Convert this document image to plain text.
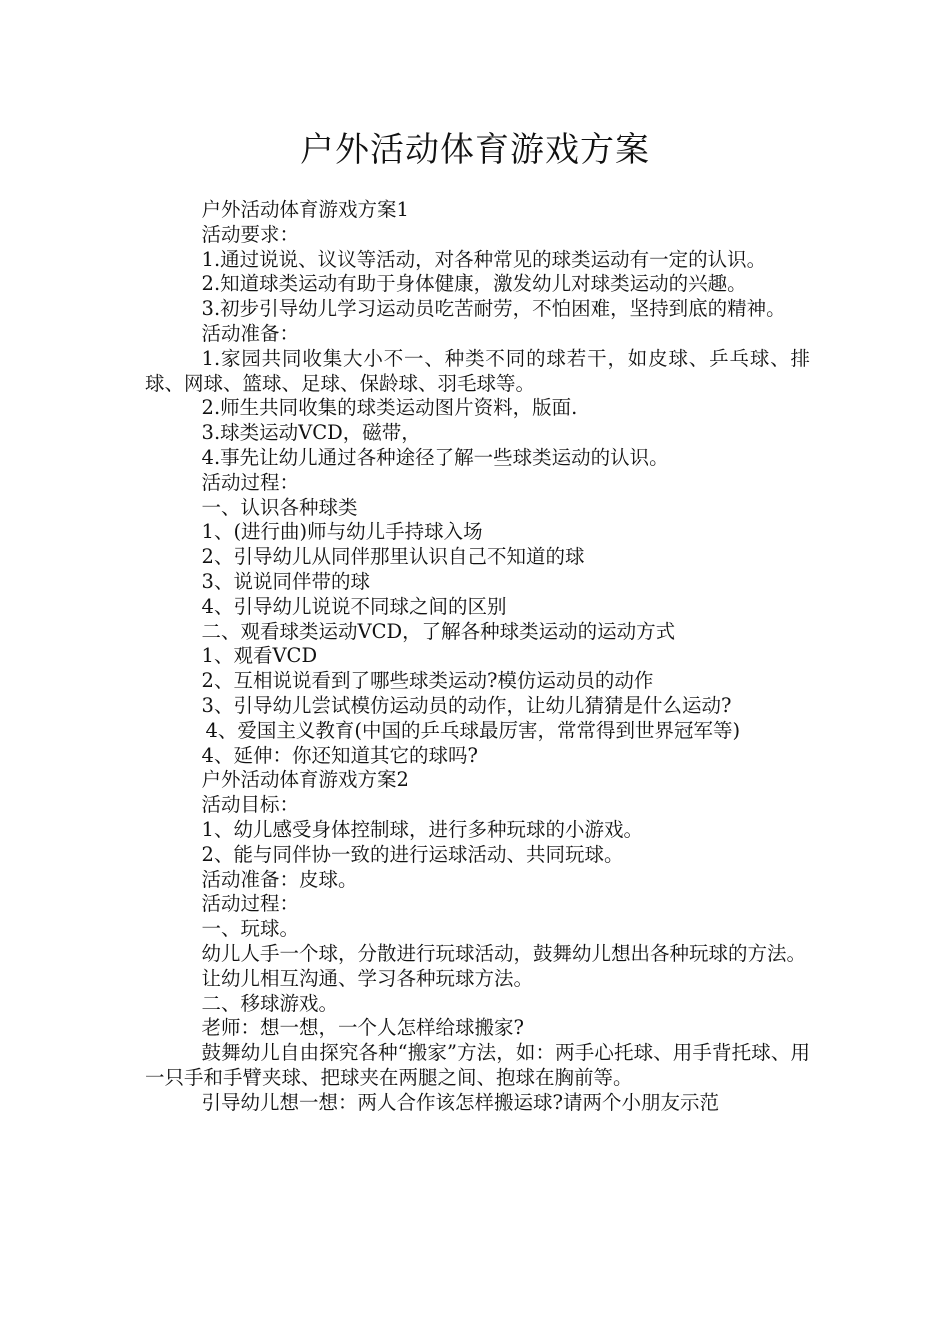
户外活动体育游戏方案

户外活动体育游戏方案1

活动要求：

1.通过说说、议议等活动，对各种常见的球类运动有一定的认识。

2.知道球类运动有助于身体健康，激发幼儿对球类运动的兴趣。

3.初步引导幼儿学习运动员吃苦耐劳，不怕困难，坚持到底的精神。

活动准备：

1.家园共同收集大小不一、种类不同的球若干，如皮球、乒乓球、排球、网球、篮球、足球、保龄球、羽毛球等。

2.师生共同收集的球类运动图片资料，版面.

3.球类运动VCD，磁带，

4.事先让幼儿通过各种途径了解一些球类运动的认识。

活动过程：

一、认识各种球类

1、(进行曲)师与幼儿手持球入场

2、引导幼儿从同伴那里认识自己不知道的球

3、说说同伴带的球

4、引导幼儿说说不同球之间的区别

二、观看球类运动VCD，了解各种球类运动的运动方式

1、观看VCD

2、互相说说看到了哪些球类运动?模仿运动员的动作

3、引导幼儿尝试模仿运动员的动作，让幼儿猜猜是什么运动?

4、爱国主义教育(中国的乒乓球最厉害，常常得到世界冠军等)

4、延伸：你还知道其它的球吗?

户外活动体育游戏方案2

活动目标：

1、幼儿感受身体控制球，进行多种玩球的小游戏。

2、能与同伴协一致的进行运球活动、共同玩球。

活动准备：皮球。

活动过程：

一、玩球。

幼儿人手一个球，分散进行玩球活动，鼓舞幼儿想出各种玩球的方法。

让幼儿相互沟通、学习各种玩球方法。

二、移球游戏。

老师：想一想，一个人怎样给球搬家?

鼓舞幼儿自由探究各种“搬家”方法，如：两手心托球、用手背托球、用一只手和手臂夹球、把球夹在两腿之间、抱球在胸前等。

引导幼儿想一想：两人合作该怎样搬运球?请两个小朋友示范
